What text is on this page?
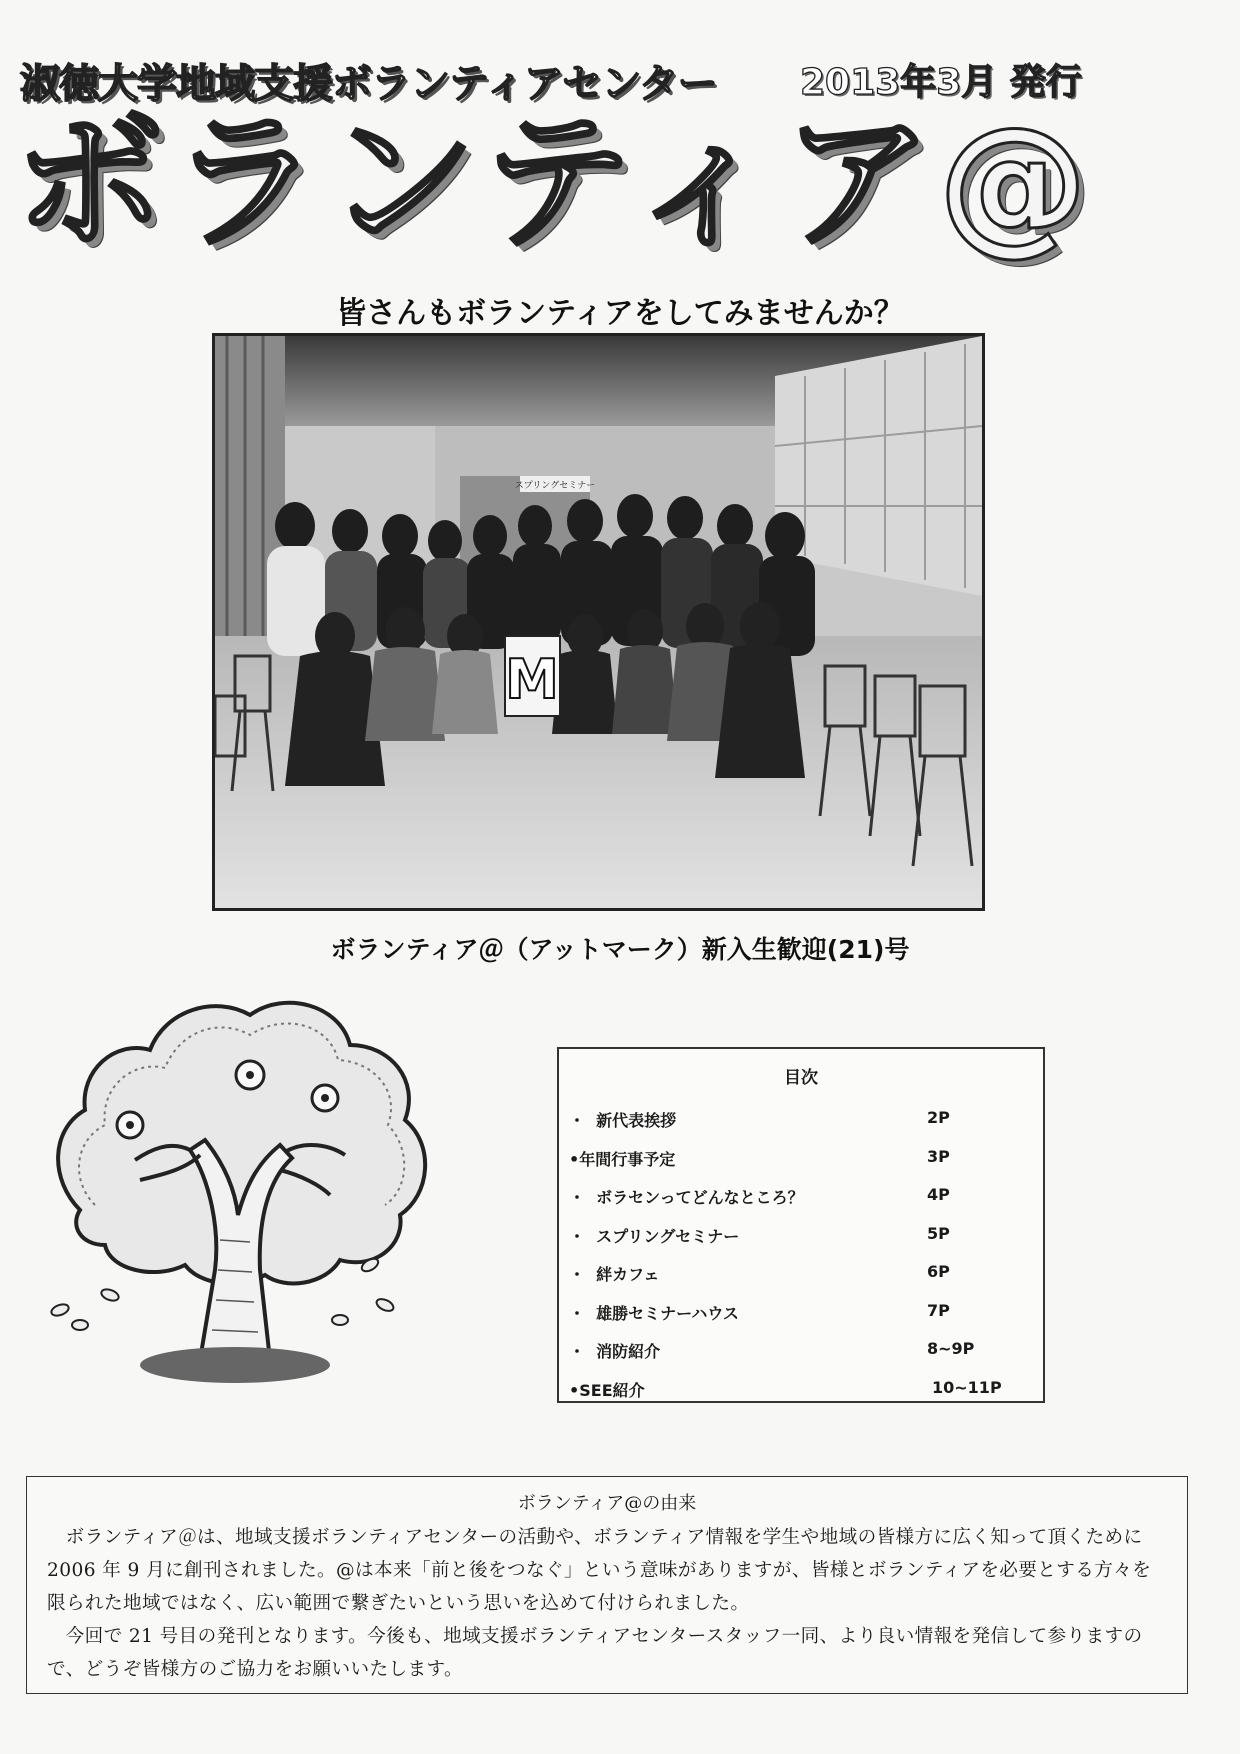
淑徳大学地域支援ボランティアセンター 2013年3月 発行
ボランティア@
皆さんもボランティアをしてみませんか？
スプリングセミナー
M
ボランティア＠（アットマーク）新入生歓迎(21)号
目次
・ 新代表挨拶	2P
•年間行事予定	3P
・ ボラセンってどんなところ？	4P
・ スプリングセミナー	5P
・ 絆カフェ	6P
・ 雄勝セミナーハウス	7P
・ 消防紹介	8~9P
•SEE紹介	10~11P
ボランティア@の由来

ボランティア＠は、地域支援ボランティアセンターの活動や、ボランティア情報を学生や地域の皆様方に広く知って頂くために 2006 年 9 月に創刊されました。@は本来「前と後をつなぐ」という意味がありますが、皆様とボランティアを必要とする方々を限られた地域ではなく、広い範囲で繋ぎたいという思いを込めて付けられました。

今回で 21 号目の発刊となります。今後も、地域支援ボランティアセンタースタッフ一同、より良い情報を発信して参りますので、どうぞ皆様方のご協力をお願いいたします。
